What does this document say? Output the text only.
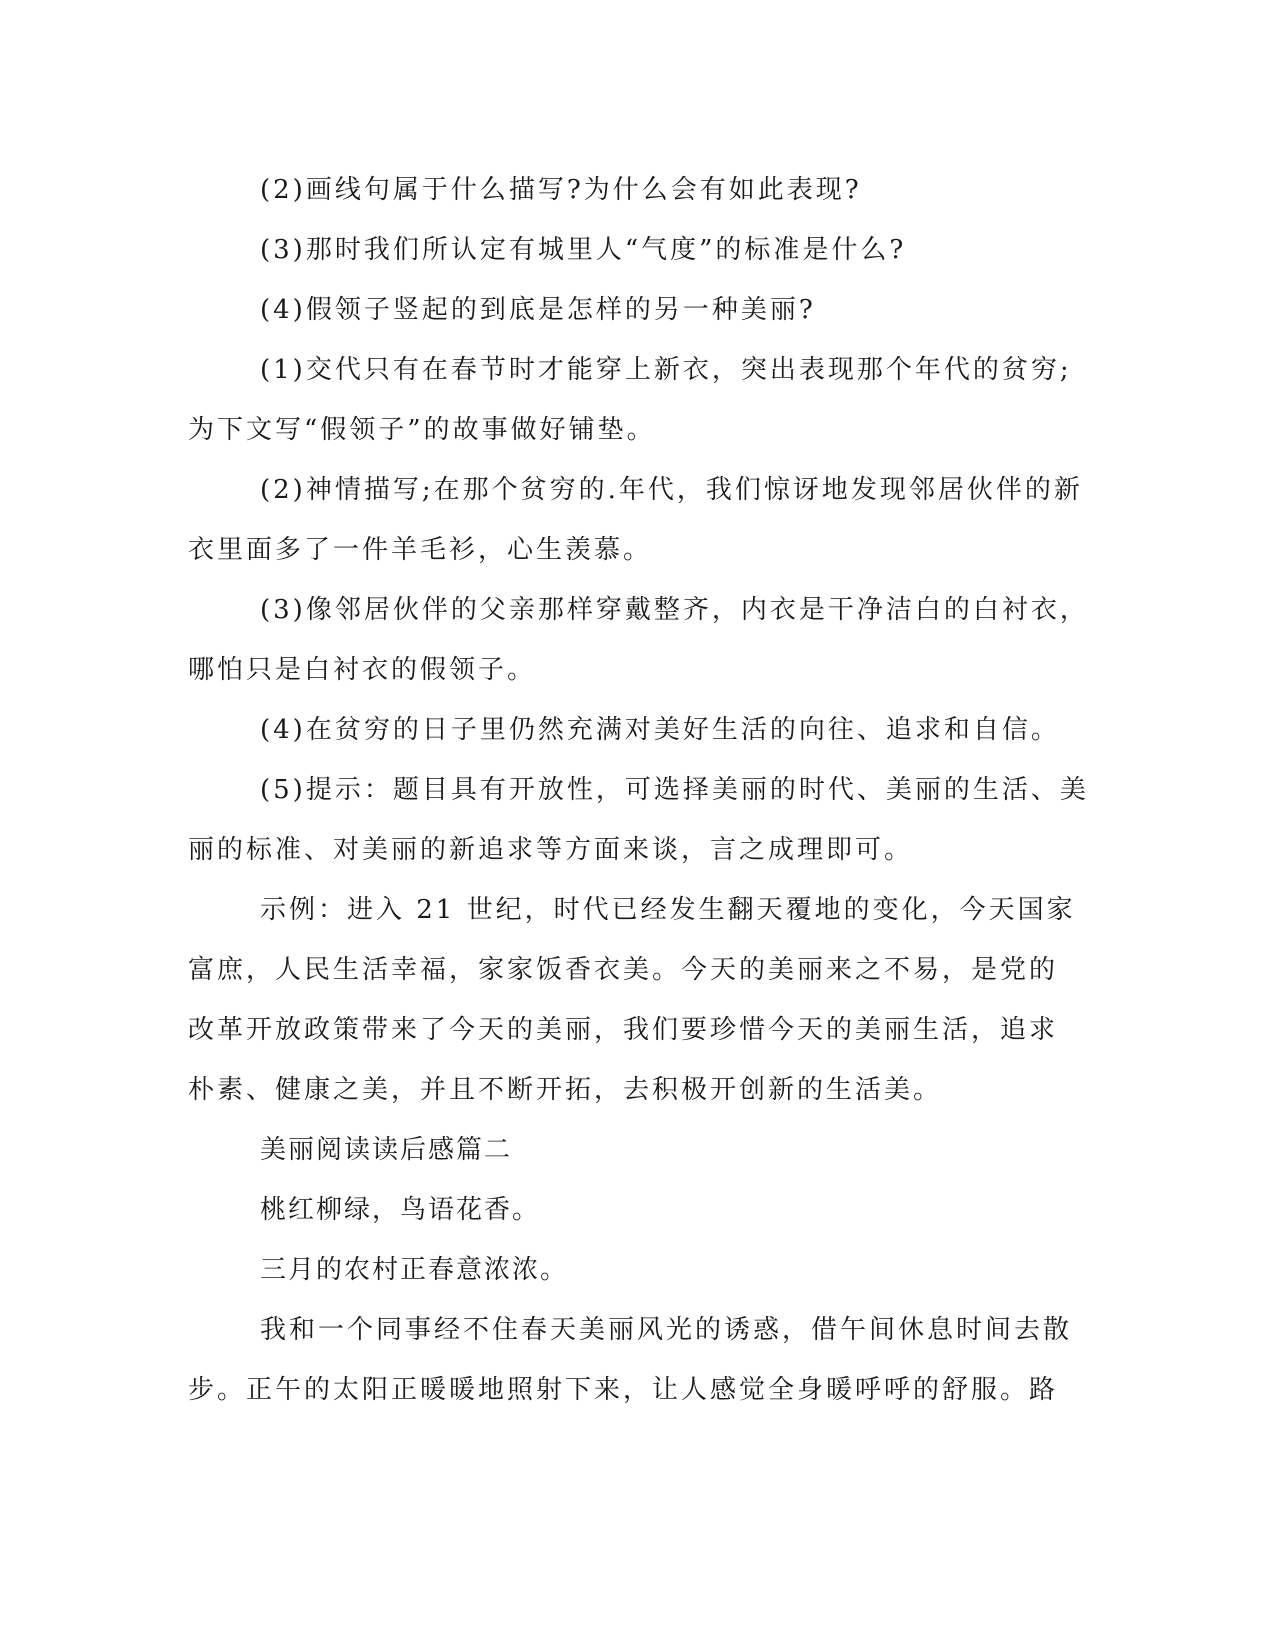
(2)画线句属于什么描写?为什么会有如此表现?
(3)那时我们所认定有城里人“气度”的标准是什么?
(4)假领子竖起的到底是怎样的另一种美丽?
(1)交代只有在春节时才能穿上新衣，突出表现那个年代的贫穷;
为下文写“假领子”的故事做好铺垫。
(2)神情描写;在那个贫穷的.年代，我们惊讶地发现邻居伙伴的新
衣里面多了一件羊毛衫，心生羡慕。
(3)像邻居伙伴的父亲那样穿戴整齐，内衣是干净洁白的白衬衣，
哪怕只是白衬衣的假领子。
(4)在贫穷的日子里仍然充满对美好生活的向往、追求和自信。
(5)提示：题目具有开放性，可选择美丽的时代、美丽的生活、美
丽的标准、对美丽的新追求等方面来谈，言之成理即可。
示例：进入 21 世纪，时代已经发生翻天覆地的变化，今天国家
富庶，人民生活幸福，家家饭香衣美。今天的美丽来之不易，是党的
改革开放政策带来了今天的美丽，我们要珍惜今天的美丽生活，追求
朴素、健康之美，并且不断开拓，去积极开创新的生活美。
美丽阅读读后感篇二
桃红柳绿，鸟语花香。
三月的农村正春意浓浓。
我和一个同事经不住春天美丽风光的诱惑，借午间休息时间去散
步。正午的太阳正暖暖地照射下来，让人感觉全身暖呼呼的舒服。路
